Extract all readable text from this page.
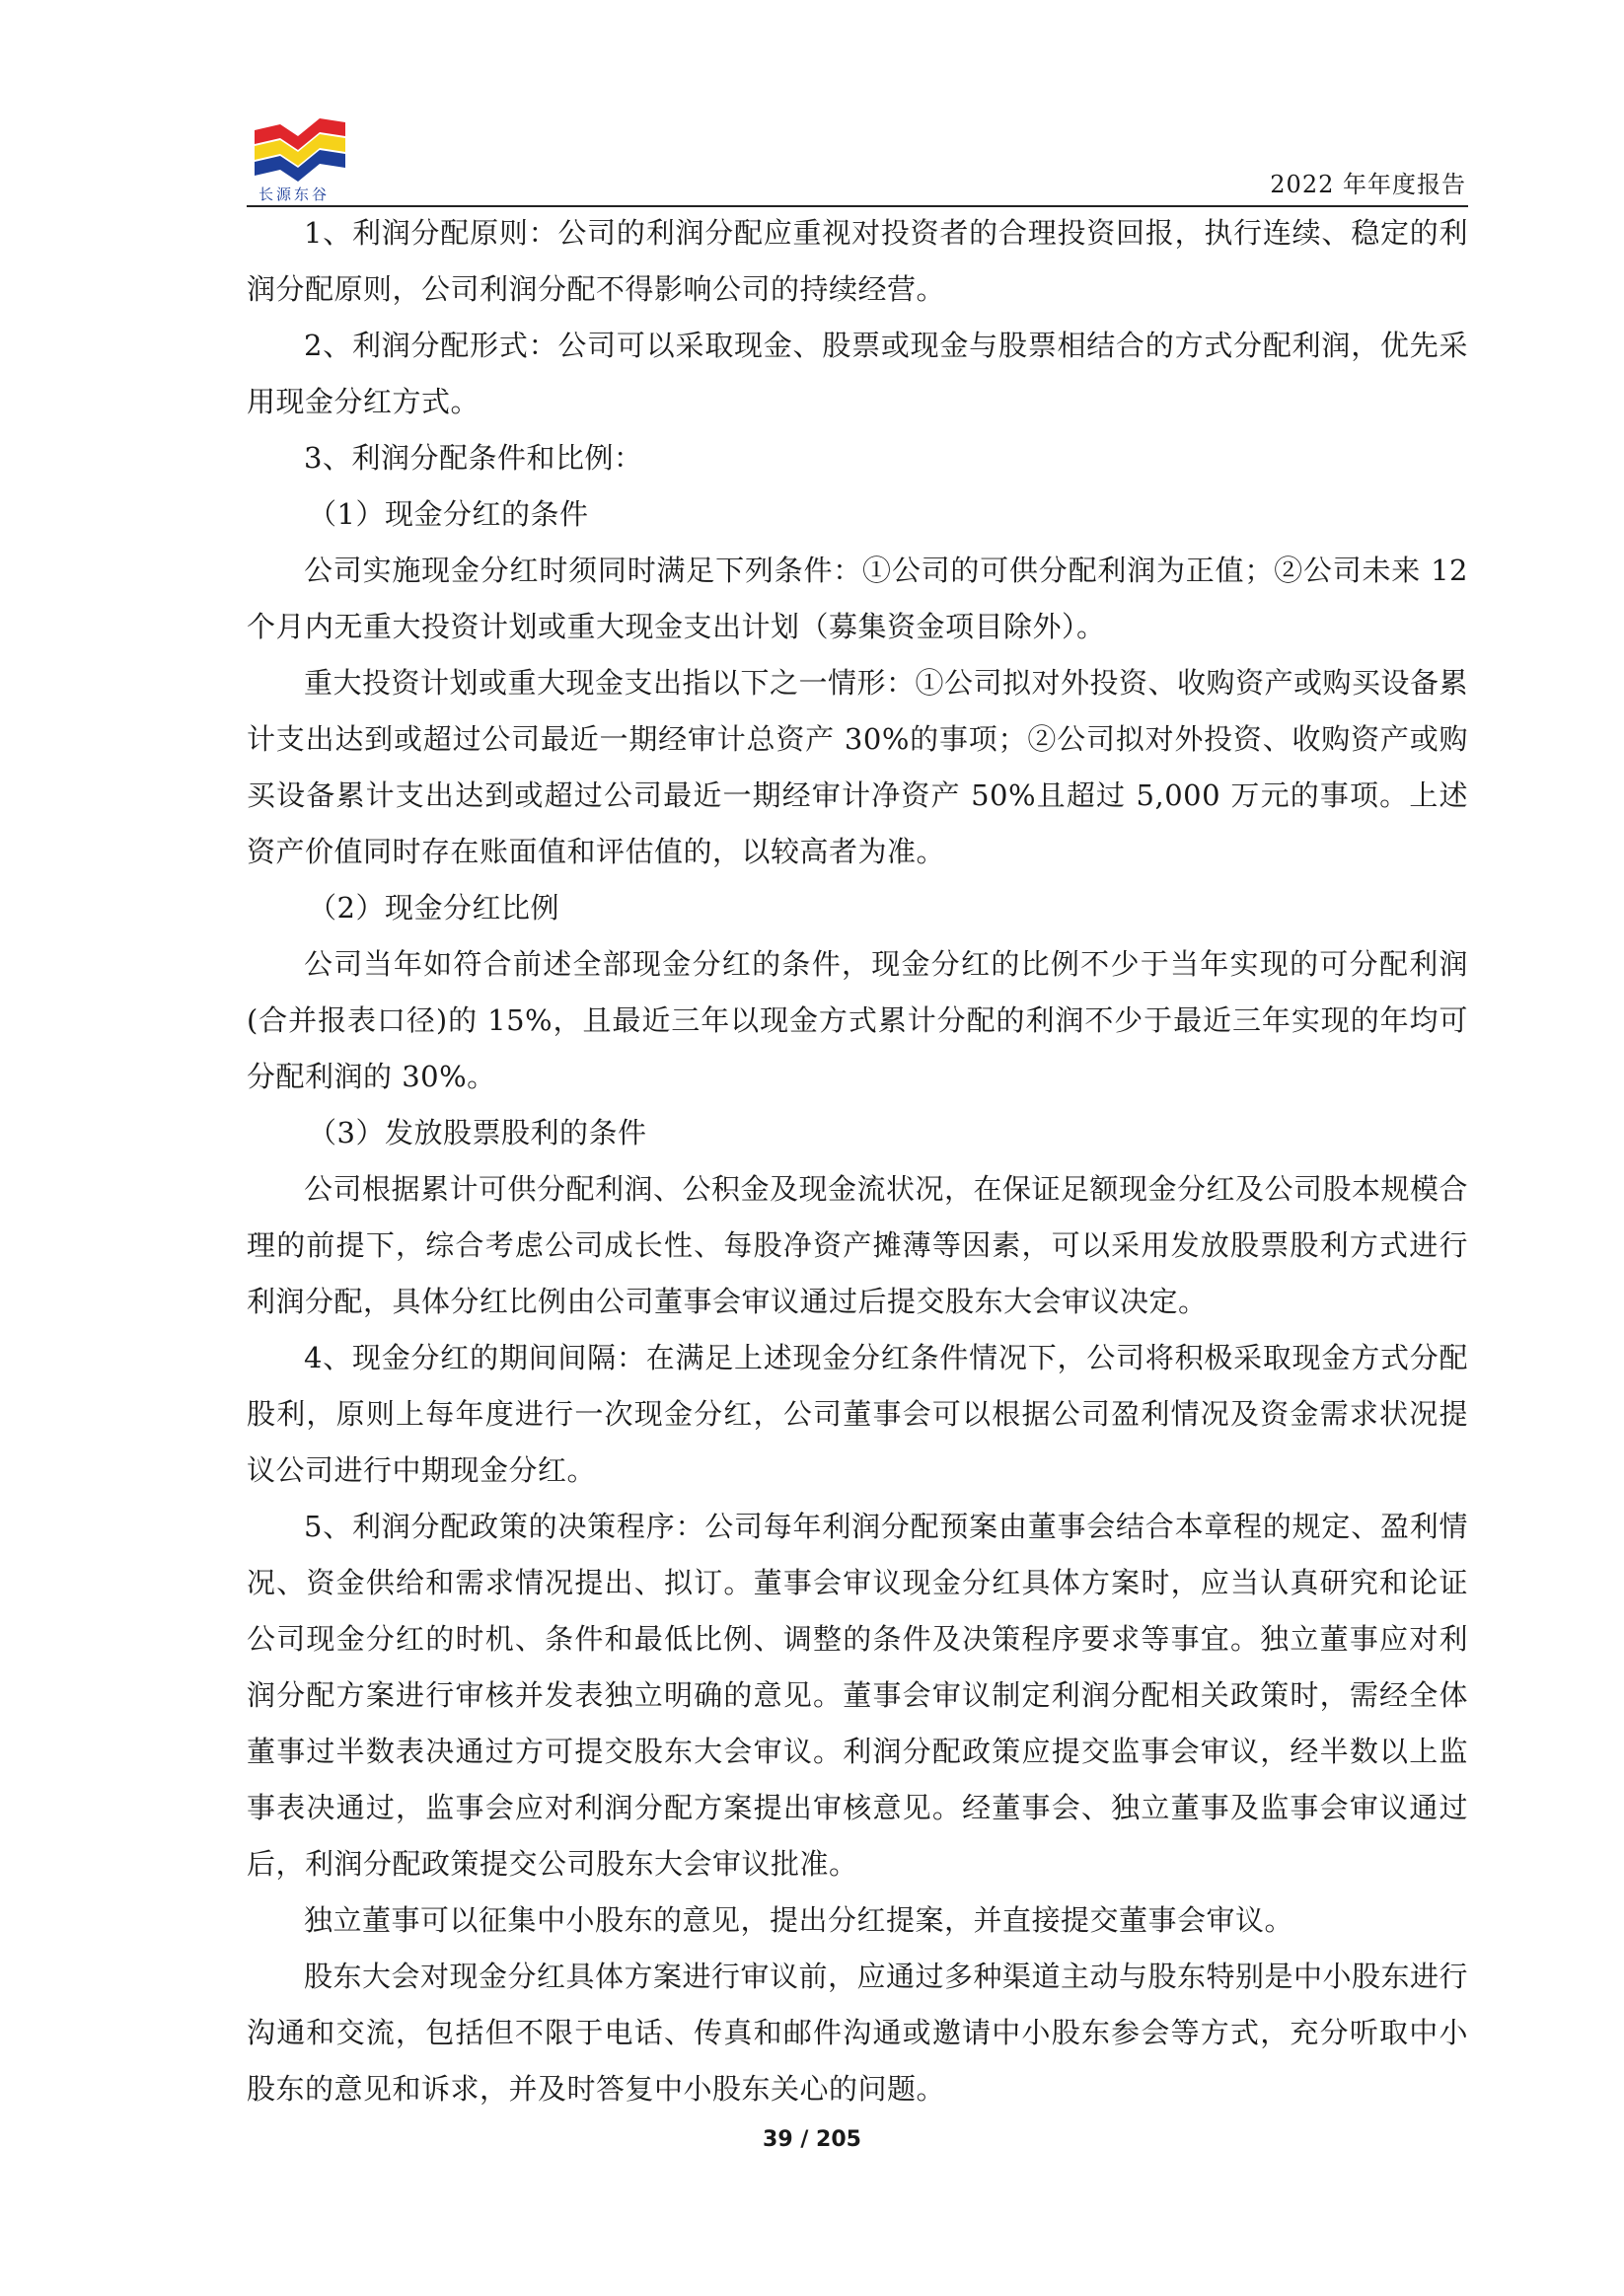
长源东谷	2022 年年度报告

1、利润分配原则：公司的利润分配应重视对投资者的合理投资回报，执行连续、稳定的利润分配原则，公司利润分配不得影响公司的持续经营。

2、利润分配形式：公司可以采取现金、股票或现金与股票相结合的方式分配利润，优先采用现金分红方式。

3、利润分配条件和比例：

（1）现金分红的条件

公司实施现金分红时须同时满足下列条件：①公司的可供分配利润为正值；②公司未来 12 个月内无重大投资计划或重大现金支出计划（募集资金项目除外）。

重大投资计划或重大现金支出指以下之一情形：①公司拟对外投资、收购资产或购买设备累计支出达到或超过公司最近一期经审计总资产 30%的事项；②公司拟对外投资、收购资产或购买设备累计支出达到或超过公司最近一期经审计净资产 50%且超过 5,000 万元的事项。上述资产价值同时存在账面值和评估值的，以较高者为准。

（2）现金分红比例

公司当年如符合前述全部现金分红的条件，现金分红的比例不少于当年实现的可分配利润(合并报表口径)的 15%，且最近三年以现金方式累计分配的利润不少于最近三年实现的年均可分配利润的 30%。

（3）发放股票股利的条件

公司根据累计可供分配利润、公积金及现金流状况，在保证足额现金分红及公司股本规模合理的前提下，综合考虑公司成长性、每股净资产摊薄等因素，可以采用发放股票股利方式进行利润分配，具体分红比例由公司董事会审议通过后提交股东大会审议决定。

4、现金分红的期间间隔：在满足上述现金分红条件情况下，公司将积极采取现金方式分配股利，原则上每年度进行一次现金分红，公司董事会可以根据公司盈利情况及资金需求状况提议公司进行中期现金分红。

5、利润分配政策的决策程序：公司每年利润分配预案由董事会结合本章程的规定、盈利情况、资金供给和需求情况提出、拟订。董事会审议现金分红具体方案时，应当认真研究和论证公司现金分红的时机、条件和最低比例、调整的条件及决策程序要求等事宜。独立董事应对利润分配方案进行审核并发表独立明确的意见。董事会审议制定利润分配相关政策时，需经全体董事过半数表决通过方可提交股东大会审议。利润分配政策应提交监事会审议，经半数以上监事表决通过，监事会应对利润分配方案提出审核意见。经董事会、独立董事及监事会审议通过后，利润分配政策提交公司股东大会审议批准。

独立董事可以征集中小股东的意见，提出分红提案，并直接提交董事会审议。

股东大会对现金分红具体方案进行审议前，应通过多种渠道主动与股东特别是中小股东进行沟通和交流，包括但不限于电话、传真和邮件沟通或邀请中小股东参会等方式，充分听取中小股东的意见和诉求，并及时答复中小股东关心的问题。

39 / 205
